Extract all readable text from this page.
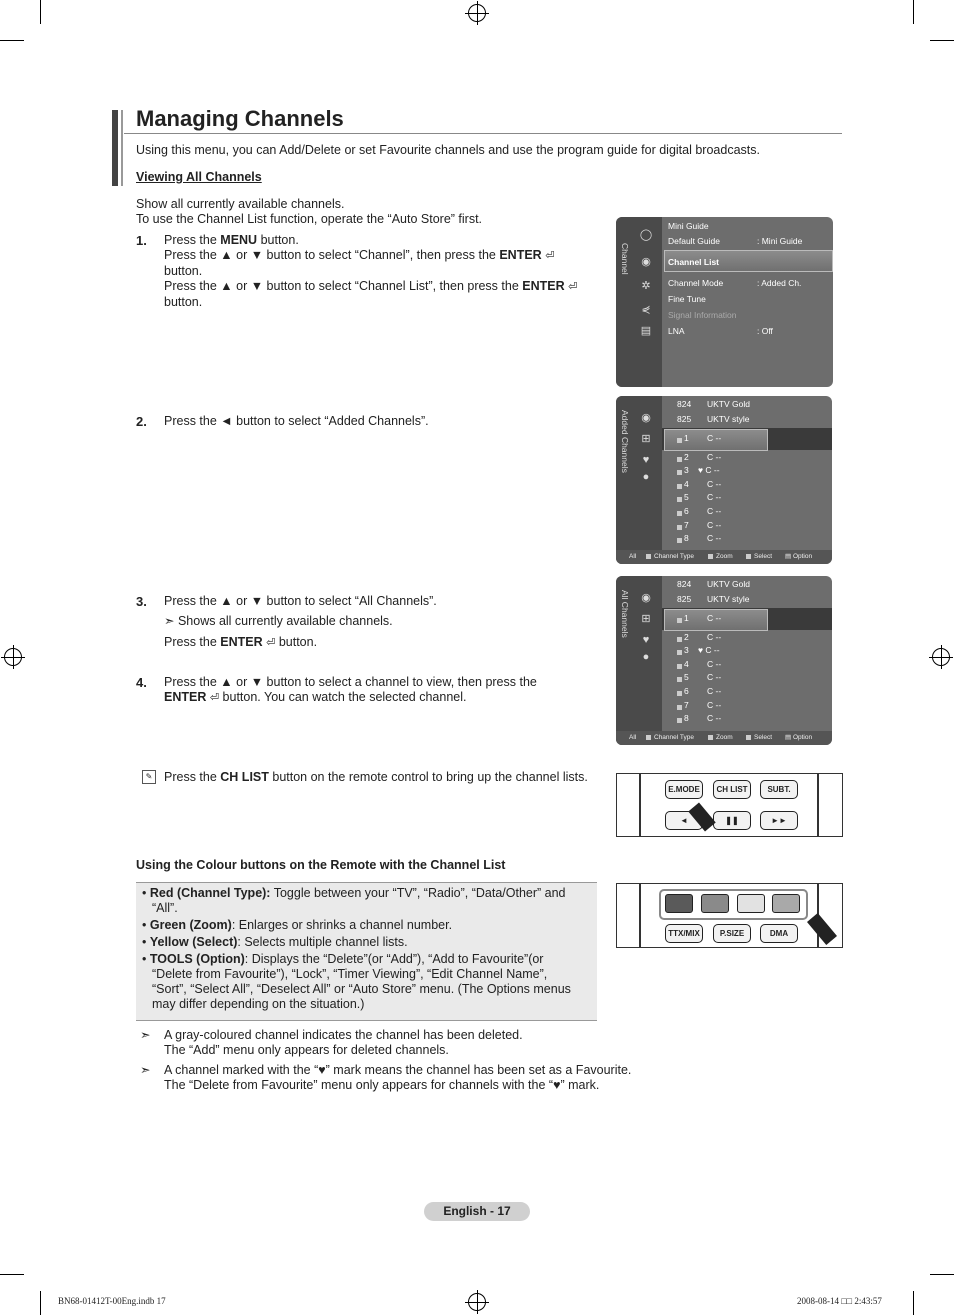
Managing Channels
Using this menu, you can Add/Delete or set Favourite channels and use the program guide for digital broadcasts.
Viewing All Channels
Show all currently available channels.
To use the Channel List function, operate the “Auto Store” first.
1. Press the MENU button.
Press the ▲ or ▼ button to select “Channel”, then press the ENTER ⏎
button.
Press the ▲ or ▼ button to select “Channel List”, then press the ENTER ⏎
button.
2. Press the ◄ button to select “Added Channels”.
3. Press the ▲ or ▼ button to select “All Channels”.
➣ Shows all currently available channels.
Press the ENTER ⏎ button.
4. Press the ▲ or ▼ button to select a channel to view, then press the
ENTER ⏎ button. You can watch the selected channel.
✎ Press the CH LIST button on the remote control to bring up the channel lists.
Using the Colour buttons on the Remote with the Channel List
• Red (Channel Type): Toggle between your “TV”, “Radio”, “Data/Other” and
“All”.
• Green (Zoom): Enlarges or shrinks a channel number.
• Yellow (Select): Selects multiple channel lists.
• TOOLS (Option): Displays the “Delete”(or “Add”), “Add to Favourite”(or
“Delete from Favourite”), “Lock”, “Timer Viewing”, “Edit Channel Name”,
“Sort”, “Select All”, “Deselect All” or “Auto Store” menu. (The Options menus
may differ depending on the situation.)
➣ A gray-coloured channel indicates the channel has been deleted.
The “Add” menu only appears for deleted channels.
➣ A channel marked with the “♥” mark means the channel has been set as a Favourite.
The “Delete from Favourite” menu only appears for channels with the “♥” mark.
English - 17
BN68-01412T-00Eng.indb 17	2008-08-14 □□ 2:43:57
Channel
◯
◉
✲
⋞
▤
Mini Guide
Default Guide	: Mini Guide
Channel List
Channel Mode	: Added Ch.
Fine Tune
Signal Information
LNA	: Off
Added Channels ◉
⊞
♥
●
824 UKTV Gold
825 UKTV style
1 C --
2 C --
3 ♥ C --
4 C --
5 C --
6 C --
7 C --
8 C --
All	Channel Type	Zoom	Select ▤ Option
All Channels ◉
⊞
♥
●
824 UKTV Gold
825 UKTV style
1 C --
2 C --
3 ♥ C --
4 C --
5 C --
6 C --
7 C --
8 C --
All	Channel Type	Zoom	Select ▤ Option
E.MODE	CH LIST	SUBT.
◄	❚❚	►►
TTX/MIX	P.SIZE	DMA
